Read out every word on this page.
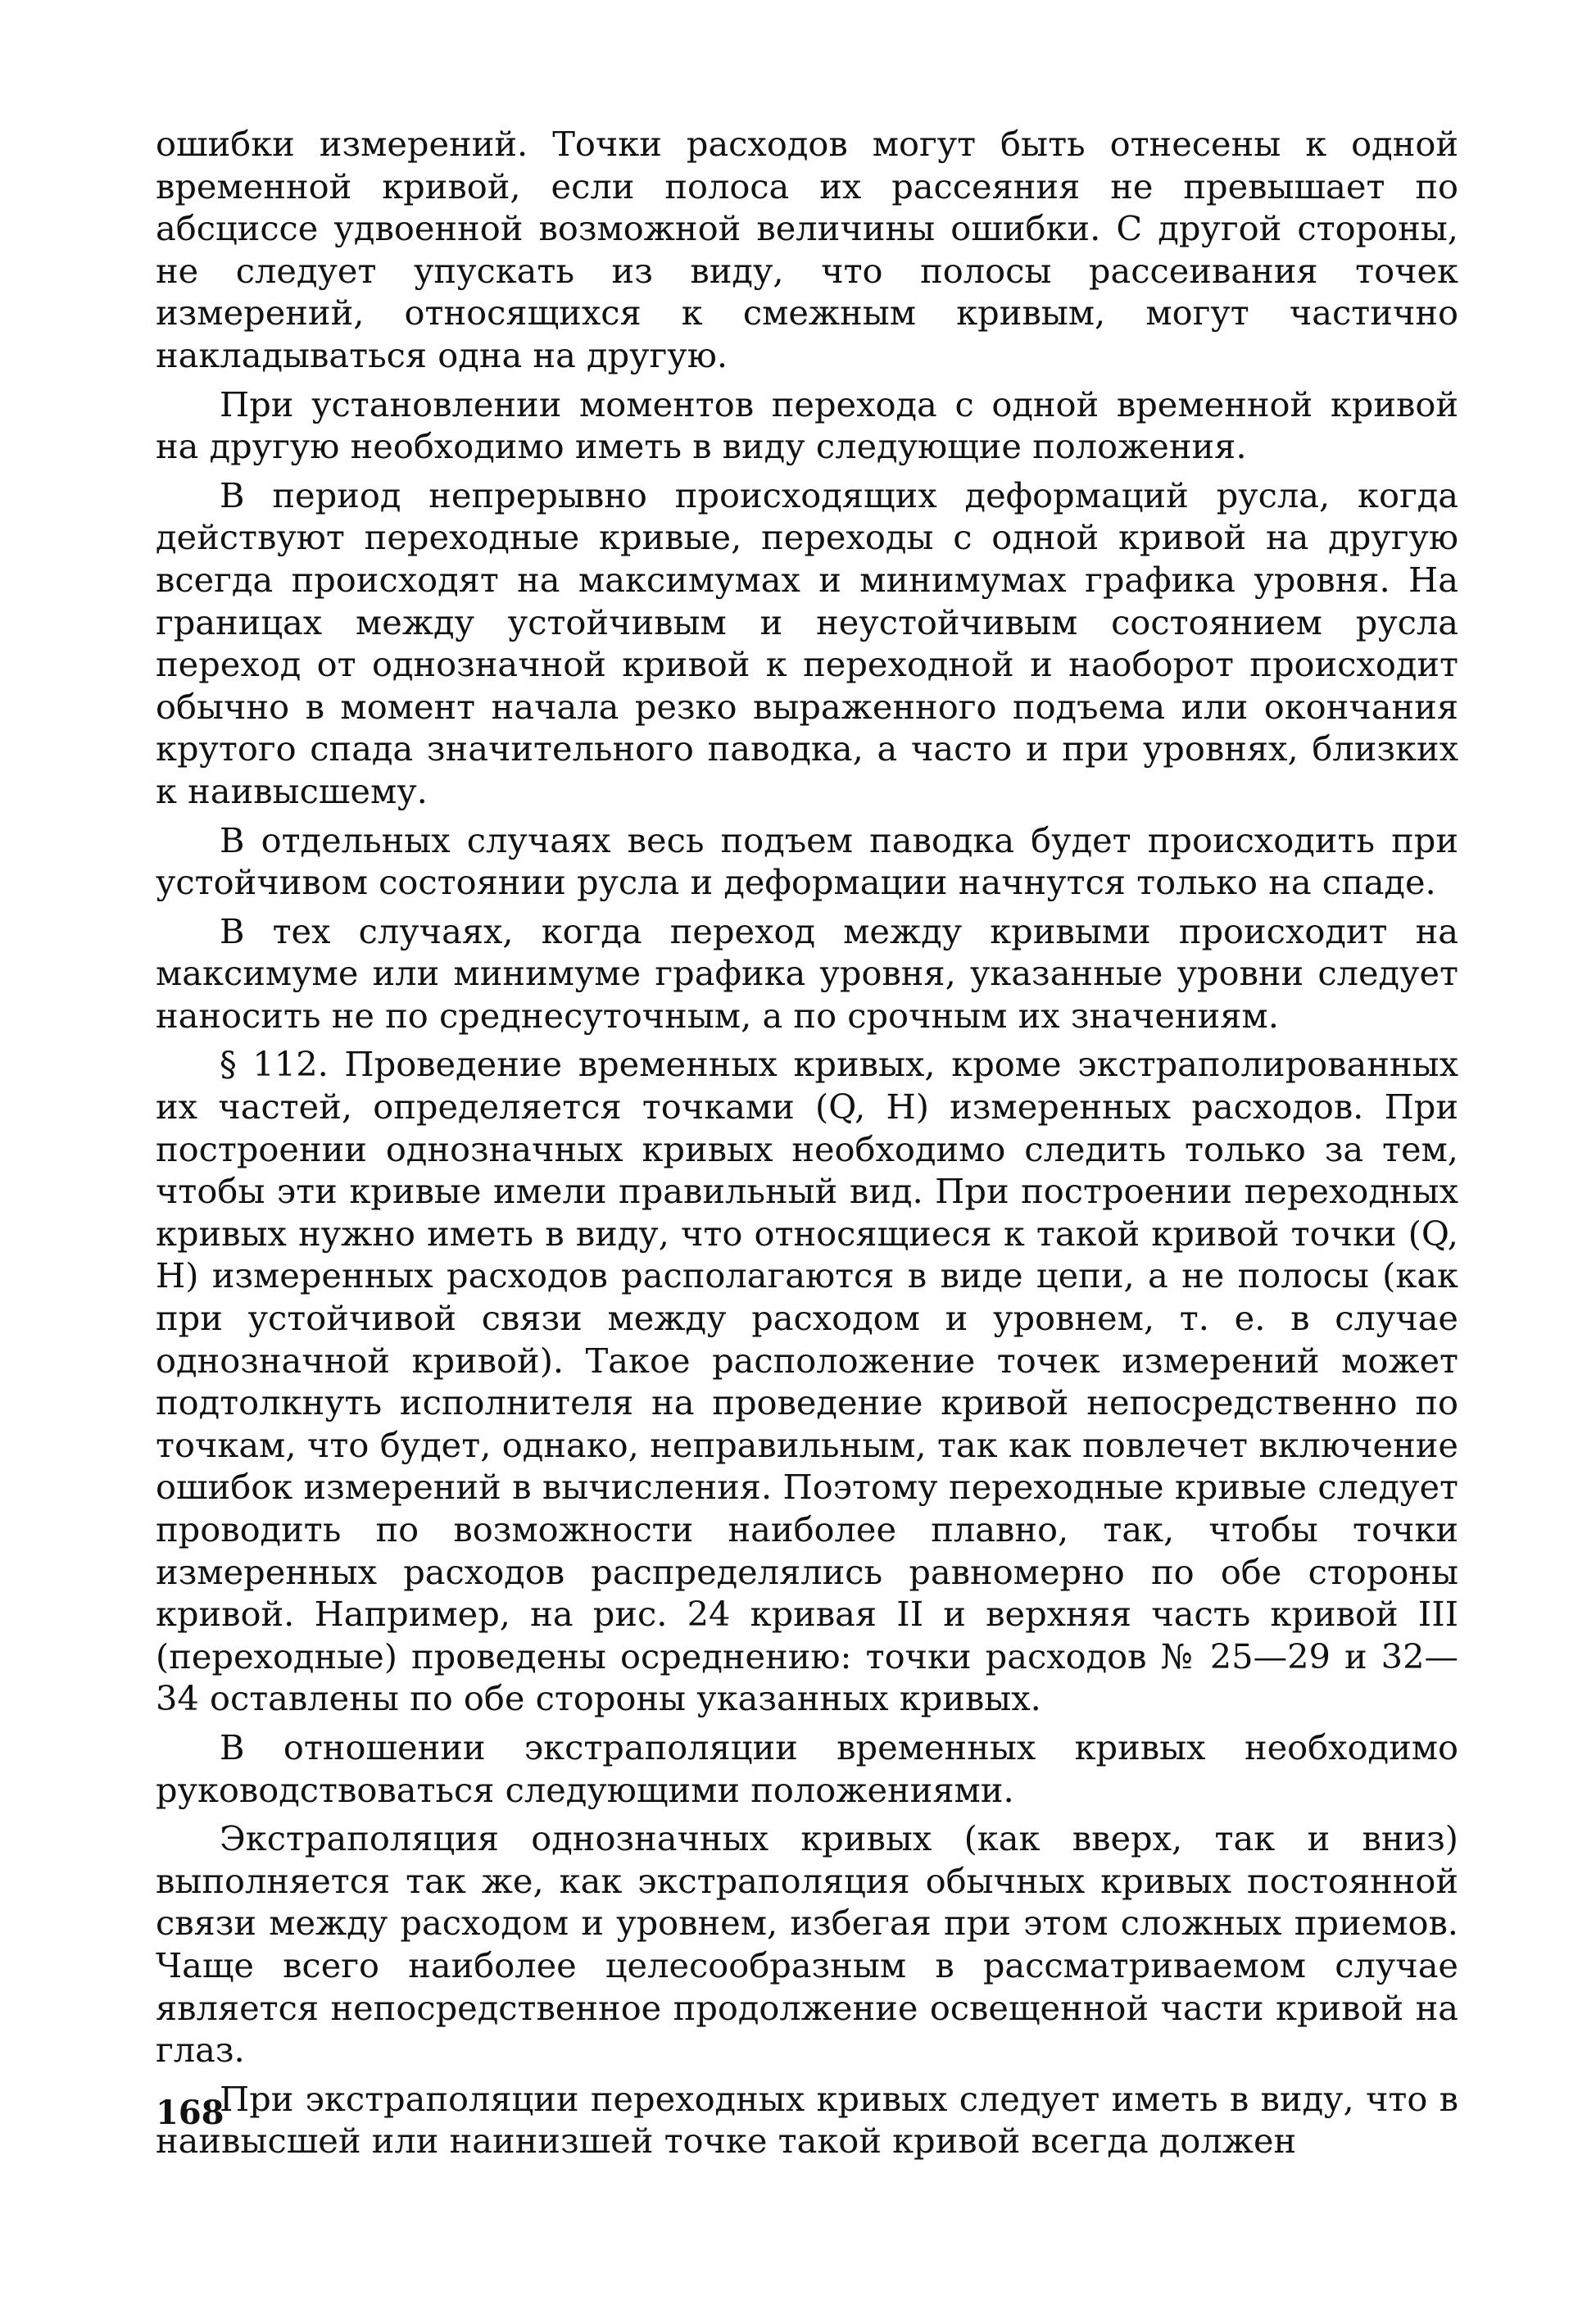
ошибки измерений. Точки расходов могут быть отнесены к одной временной кривой, если полоса их рассеяния не превышает по абсциссе удвоенной возможной величины ошибки. С другой стороны, не следует упускать из виду, что полосы рассеивания точек измерений, относящихся к смежным кривым, могут частично накладываться одна на другую.

При установлении моментов перехода с одной временной кривой на другую необходимо иметь в виду следующие положения.

В период непрерывно происходящих деформаций русла, когда действуют переходные кривые, переходы с одной кривой на другую всегда происходят на максимумах и минимумах графика уровня. На границах между устойчивым и неустойчивым состоянием русла переход от однозначной кривой к переходной и наоборот происходит обычно в момент начала резко выраженного подъема или окончания крутого спада значительного паводка, а часто и при уровнях, близких к наивысшему.

В отдельных случаях весь подъем паводка будет происходить при устойчивом состоянии русла и деформации начнутся только на спаде.

В тех случаях, когда переход между кривыми происходит на максимуме или минимуме графика уровня, указанные уровни следует наносить не по среднесуточным, а по срочным их значениям.

§ 112. Проведение временных кривых, кроме экстраполированных их частей, определяется точками (Q, H) измеренных расходов. При построении однозначных кривых необходимо следить только за тем, чтобы эти кривые имели правильный вид. При построении переходных кривых нужно иметь в виду, что относящиеся к такой кривой точки (Q, H) измеренных расходов располагаются в виде цепи, а не полосы (как при устойчивой связи между расходом и уровнем, т. е. в случае однозначной кривой). Такое расположение точек измерений может подтолкнуть исполнителя на проведение кривой непосредственно по точкам, что будет, однако, неправильным, так как повлечет включение ошибок измерений в вычисления. Поэтому переходные кривые следует проводить по возможности наиболее плавно, так, чтобы точки измеренных расходов распределялись равномерно по обе стороны кривой. Например, на рис. 24 кривая II и верхняя часть кривой III (переходные) проведены осреднению: точки расходов № 25—29 и 32—34 оставлены по обе стороны указанных кривых.

В отношении экстраполяции временных кривых необходимо руководствоваться следующими положениями.

Экстраполяция однозначных кривых (как вверх, так и вниз) выполняется так же, как экстраполяция обычных кривых постоянной связи между расходом и уровнем, избегая при этом сложных приемов. Чаще всего наиболее целесообразным в рассматриваемом случае является непосредственное продолжение освещенной части кривой на глаз.

При экстраполяции переходных кривых следует иметь в виду, что в наивысшей или наинизшей точке такой кривой всегда должен

168
